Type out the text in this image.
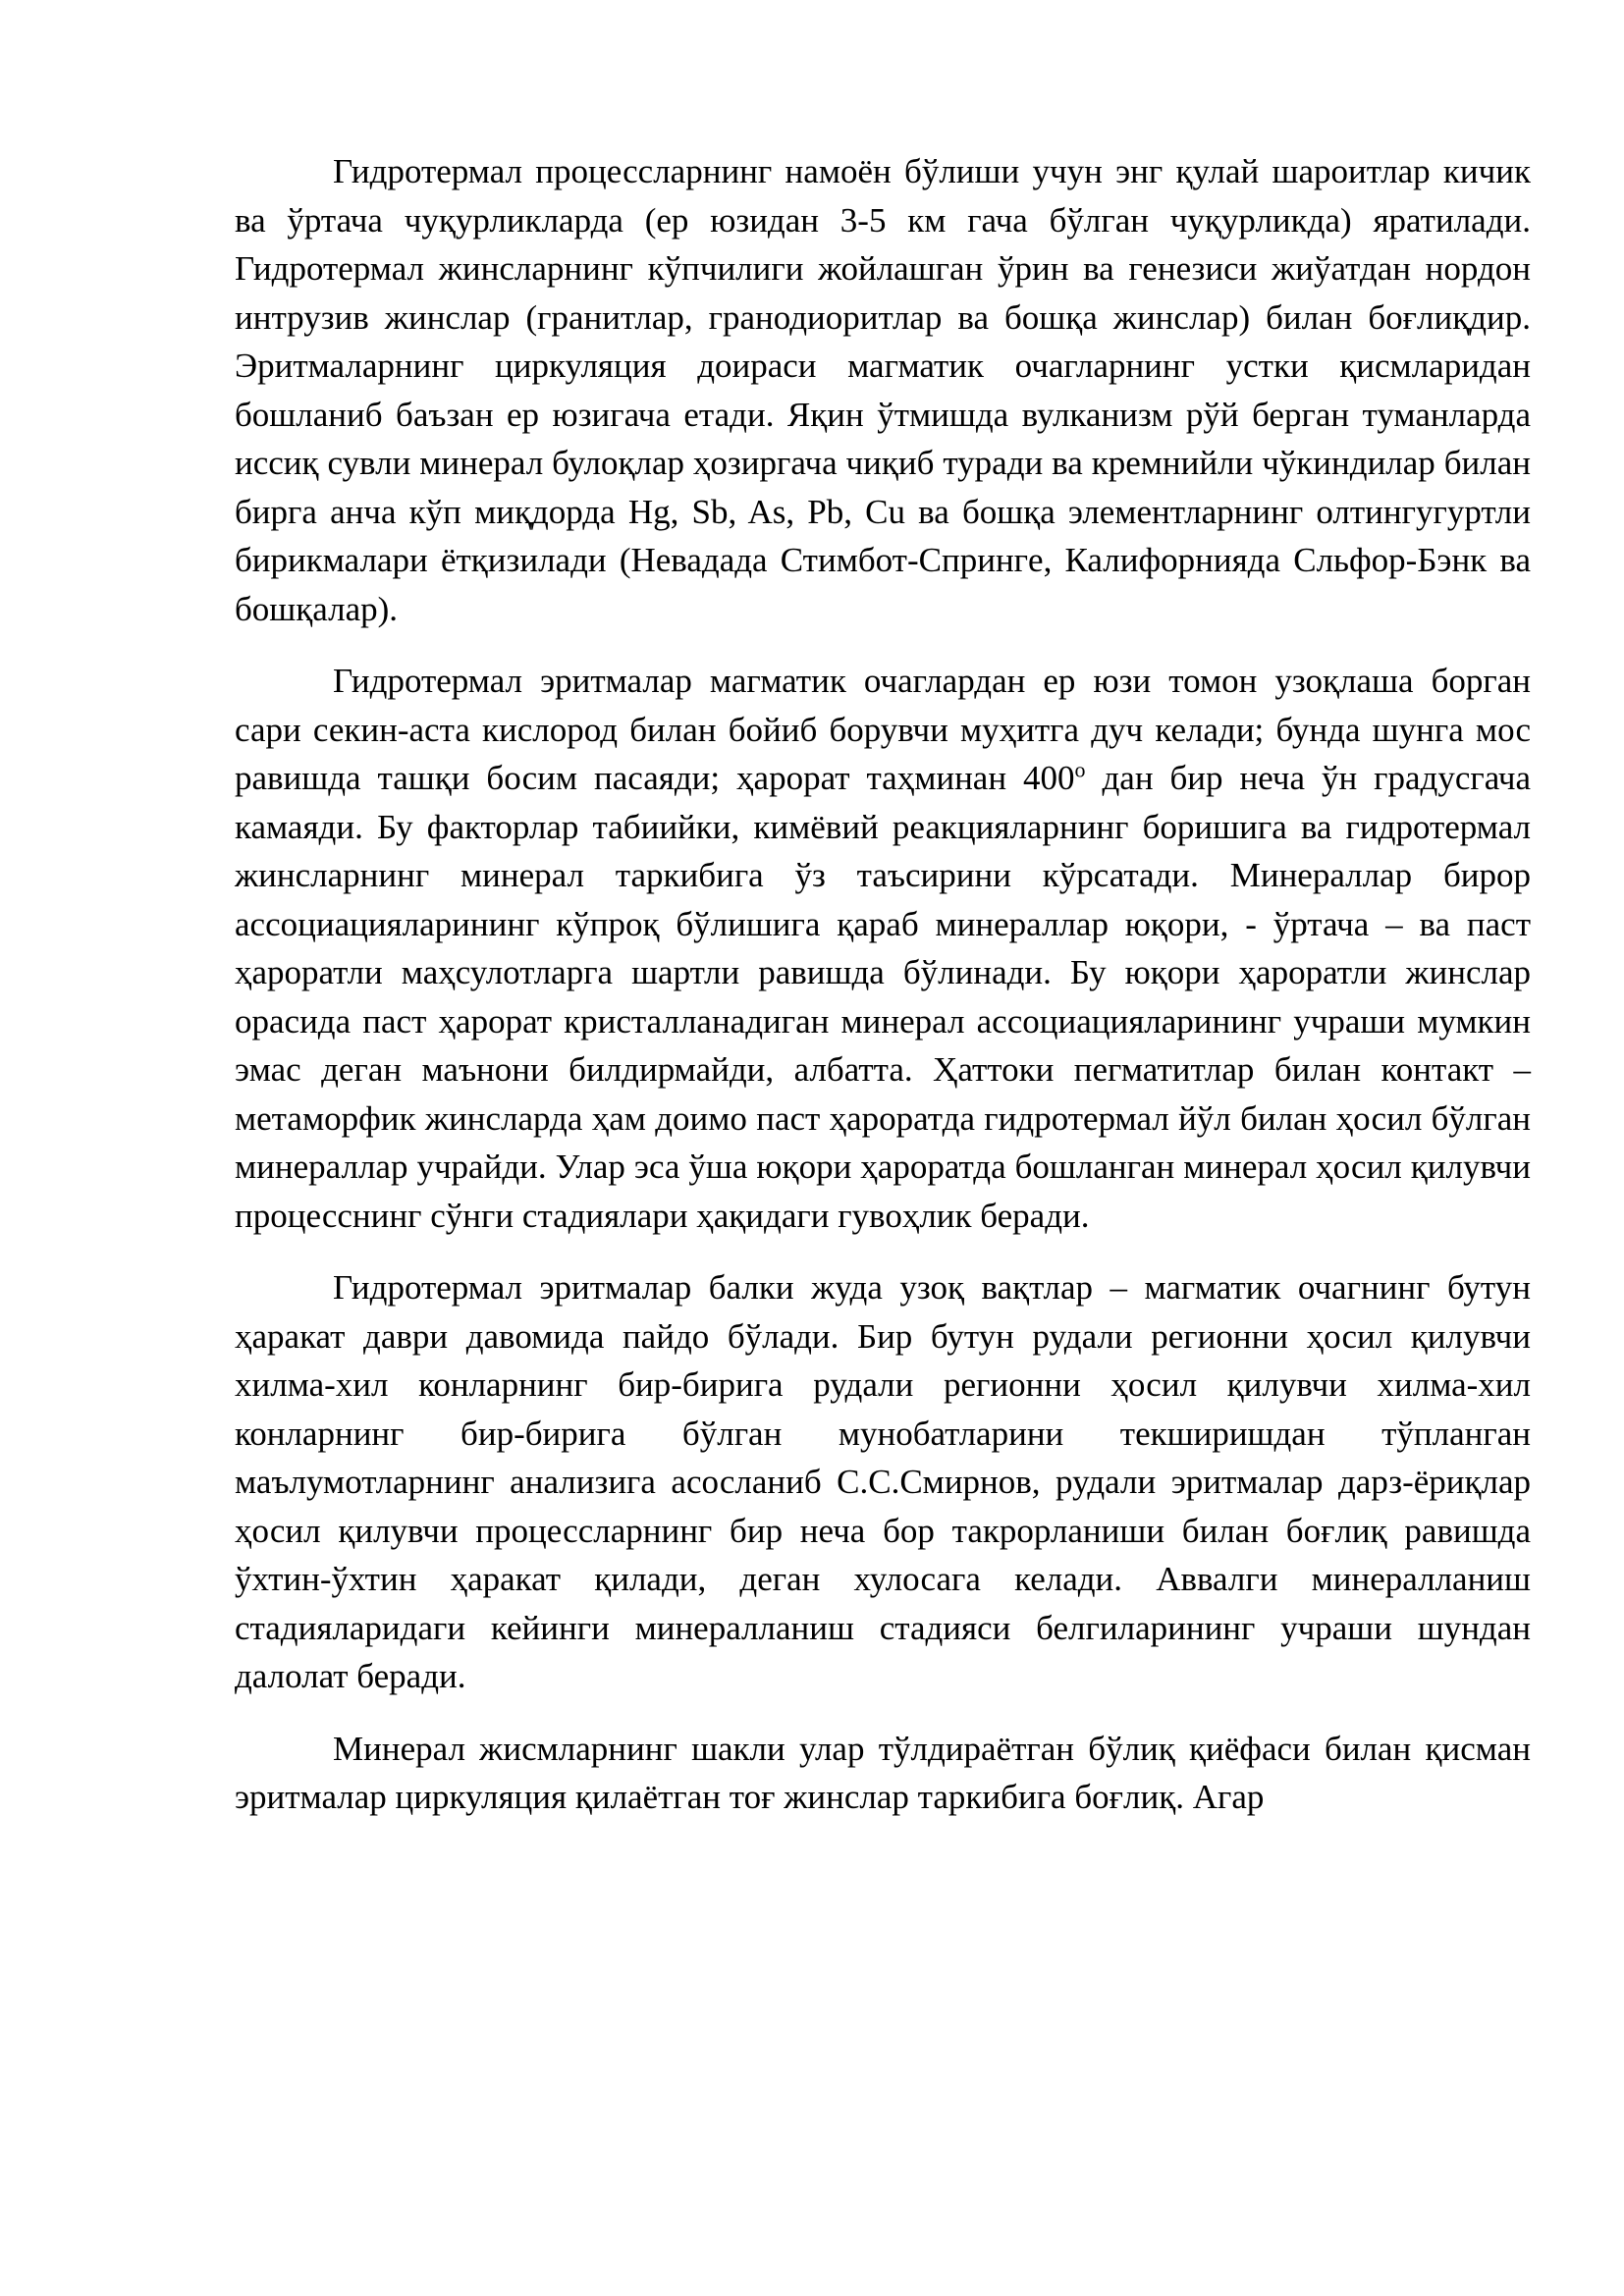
Гидротермал процессларнинг намоён бўлиши учун энг қулай шароитлар кичик ва ўртача чуқурликларда (ер юзидан 3-5 км гача бўлган чуқурликда) яратилади. Гидротермал жинсларнинг кўпчилиги жойлашган ўрин ва генезиси жиўатдан нордон интрузив жинслар (гранитлар, гранодиоритлар ва бошқа жинслар) билан боғлиқдир. Эритмаларнинг циркуляция доираси магматик очагларнинг устки қисмларидан бошланиб баъзан ер юзигача етади. Яқин ўтмишда вулканизм рўй берган туманларда иссиқ сувли минерал булоқлар ҳозиргача чиқиб туради ва кремнийли чўкиндилар билан бирга анча кўп миқдорда Hg, Sb, As, Pb, Cu ва бошқа элементларнинг олтингугуртли бирикмалари ётқизилади (Невадада Стимбот-Спрингe, Калифорнияда Сльфор-Бэнк ва бошқалар).

Гидротермал эритмалар магматик очаглардан ер юзи томон узоқлаша борган сари секин-аста кислород билан бойиб борувчи муҳитга дуч келади; бунда шунга мос равишда ташқи босим пасаяди; ҳарорат таҳминан 400$^o$ дан бир неча ўн градусгача камаяди. Бу факторлар табиийки, кимёвий реакцияларнинг боришига ва гидротермал жинсларнинг минерал таркибига ўз таъсирини кўрсатади. Минераллар бирор ассоциацияларининг кўпроқ бўлишига қараб минераллар юқори, - ўртача – ва паст ҳароратли маҳсулотларга шартли равишда бўлинади. Бу юқори ҳароратли жинслар орасида паст ҳарорат кристалланадиган минерал ассоциацияларининг учраши мумкин эмас деган маънони билдирмайди, албатта. Ҳаттоки пегматитлар билан контакт – метаморфик жинсларда ҳам доимо паст ҳароратда гидротермал йўл билан ҳосил бўлган минераллар учрайди. Улар эса ўша юқори ҳароратда бошланган минерал ҳосил қилувчи процесснинг сўнги стадиялари ҳақидаги гувоҳлик беради.

Гидротермал эритмалар балки жуда узоқ вақтлар – магматик очагнинг бутун ҳаракат даври давомида пайдо бўлади. Бир бутун рудали регионни ҳосил қилувчи хилма-хил конларнинг бир-бирига рудали регионни ҳосил қилувчи хилма-хил конларнинг бир-бирига бўлган мунобатларини текширишдан тўпланган маълумотларнинг анализига асосланиб С.С.Смирнов, рудали эритмалар дарз-ёриқлар ҳосил қилувчи процессларнинг бир неча бор такрорланиши билан боғлиқ равишда ўхтин-ўхтин ҳаракат қилади, деган хулосага келади. Аввалги минералланиш стадияларидаги кейинги минералланиш стадияси белгиларининг учраши шундан далолат беради.

Минерал жисмларнинг шакли улар тўлдираётган бўлиқ қиёфаси билан қисман эритмалар циркуляция қилаётган тоғ жинслар таркибига боғлиқ. Агар
